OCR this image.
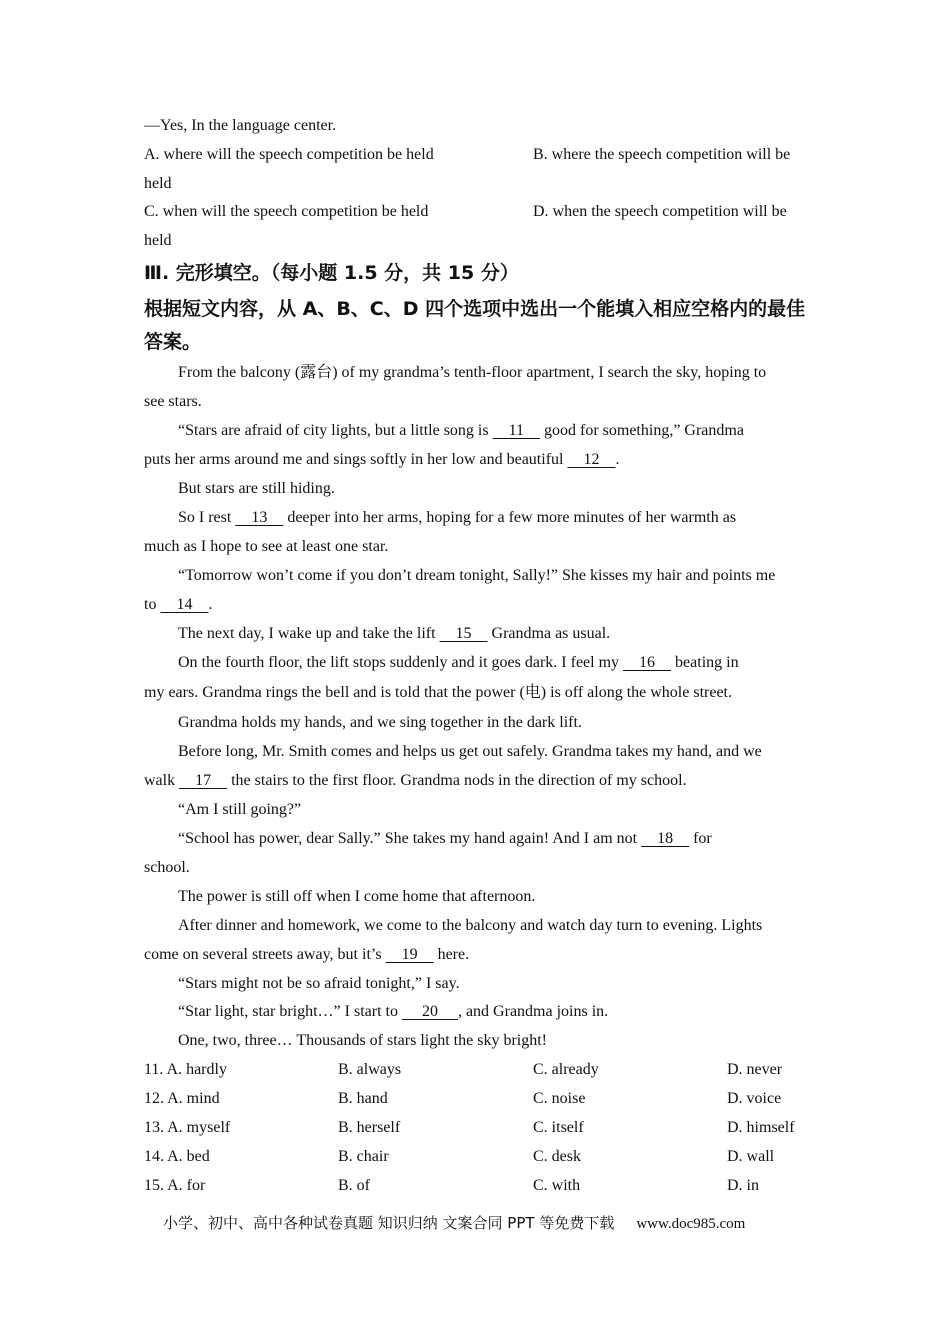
—Yes, In the language center.
A. where will the speech competition be held	B. where the speech competition will be
held
C. when will the speech competition be held	D. when the speech competition will be
held
Ⅲ. 完形填空。（每小题 1.5 分，共 15 分）
根据短文内容，从 A、B、C、D 四个选项中选出一个能填入相应空格内的最佳
答案。
From the balcony (露台) of my grandma’s tenth-floor apartment, I search the sky, hoping to
see stars.
“Stars are afraid of city lights, but a little song is     11     good for something,” Grandma
puts her arms around me and sings softly in her low and beautiful     12    .
But stars are still hiding.
So I rest     13     deeper into her arms, hoping for a few more minutes of her warmth as
much as I hope to see at least one star.
“Tomorrow won’t come if you don’t dream tonight, Sally!” She kisses my hair and points me
to     14    .
The next day, I wake up and take the lift     15     Grandma as usual.
On the fourth floor, the lift stops suddenly and it goes dark. I feel my     16     beating in
my ears. Grandma rings the bell and is told that the power (电) is off along the whole street.
Grandma holds my hands, and we sing together in the dark lift.
Before long, Mr. Smith comes and helps us get out safely. Grandma takes my hand, and we
walk     17     the stairs to the first floor. Grandma nods in the direction of my school.
“Am I still going?”
“School has power, dear Sally.” She takes my hand again! And I am not     18     for
school.
The power is still off when I come home that afternoon.
After dinner and homework, we come to the balcony and watch day turn to evening. Lights
come on several streets away, but it’s     19     here.
“Stars might not be so afraid tonight,” I say.
“Star light, star bright…” I start to      20     , and Grandma joins in.
One, two, three… Thousands of stars light the sky bright!
11. A. hardly	B. always	C. already	D. never
12. A. mind	B. hand	C. noise	D. voice
13. A. myself	B. herself	C. itself	D. himself
14. A. bed	B. chair	C. desk	D. wall
15. A. for	B. of	C. with	D. in
小学、初中、高中各种试卷真题 知识归纳 文案合同 PPT 等免费下载 www.doc985.com
